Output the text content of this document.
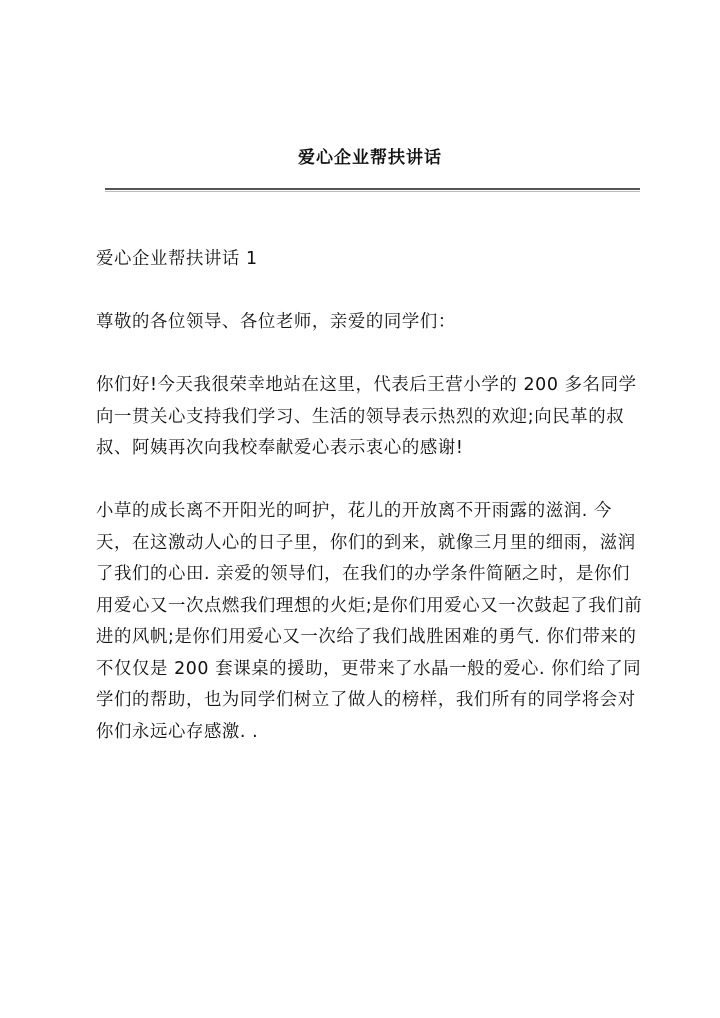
爱心企业帮扶讲话

爱心企业帮扶讲话 1

尊敬的各位领导、各位老师，亲爱的同学们：

你们好!今天我很荣幸地站在这里，代表后王营小学的 200 多名同学向一贯关心支持我们学习、生活的领导表示热烈的欢迎;向民革的叔叔、阿姨再次向我校奉献爱心表示衷心的感谢!

小草的成长离不开阳光的呵护，花儿的开放离不开雨露的滋润. 今天，在这激动人心的日子里，你们的到来，就像三月里的细雨，滋润了我们的心田. 亲爱的领导们，在我们的办学条件简陋之时，是你们用爱心又一次点燃我们理想的火炬;是你们用爱心又一次鼓起了我们前进的风帆;是你们用爱心又一次给了我们战胜困难的勇气. 你们带来的不仅仅是 200 套课桌的援助，更带来了水晶一般的爱心. 你们给了同学们的帮助，也为同学们树立了做人的榜样，我们所有的同学将会对你们永远心存感激. .
